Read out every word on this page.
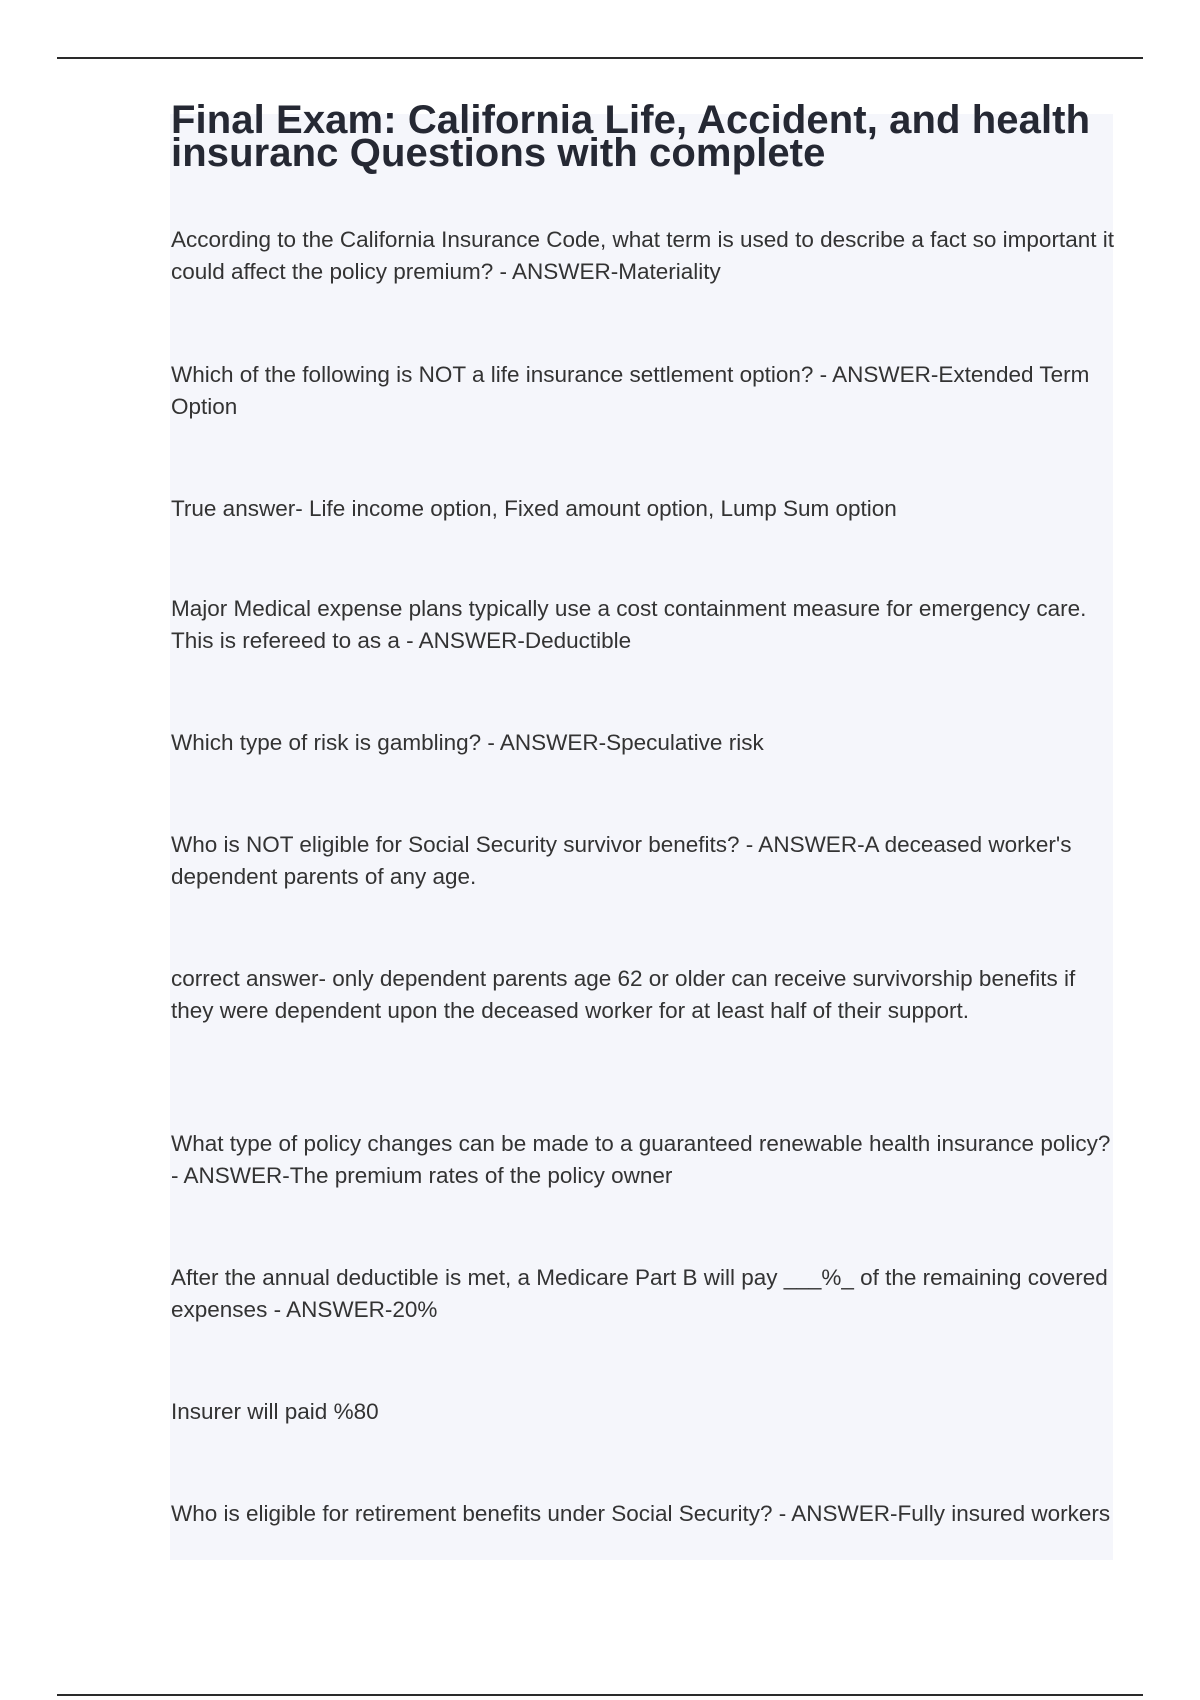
Final Exam: California Life, Accident, and health insuranc Questions with complete

According to the California Insurance Code, what term is used to describe a fact so important it could affect the policy premium? - ANSWER-Materiality

Which of the following is NOT a life insurance settlement option? - ANSWER-Extended Term Option

True answer- Life income option, Fixed amount option, Lump Sum option

Major Medical expense plans typically use a cost containment measure for emergency care. This is refereed to as a - ANSWER-Deductible

Which type of risk is gambling? - ANSWER-Speculative risk

Who is NOT eligible for Social Security survivor benefits? - ANSWER-A deceased worker's dependent parents of any age.

correct answer- only dependent parents age 62 or older can receive survivorship benefits if they were dependent upon the deceased worker for at least half of their support.

What type of policy changes can be made to a guaranteed renewable health insurance policy? - ANSWER-The premium rates of the policy owner

After the annual deductible is met, a Medicare Part B will pay ___%_ of the remaining covered expenses - ANSWER-20%

Insurer will paid %80

Who is eligible for retirement benefits under Social Security? - ANSWER-Fully insured workers
